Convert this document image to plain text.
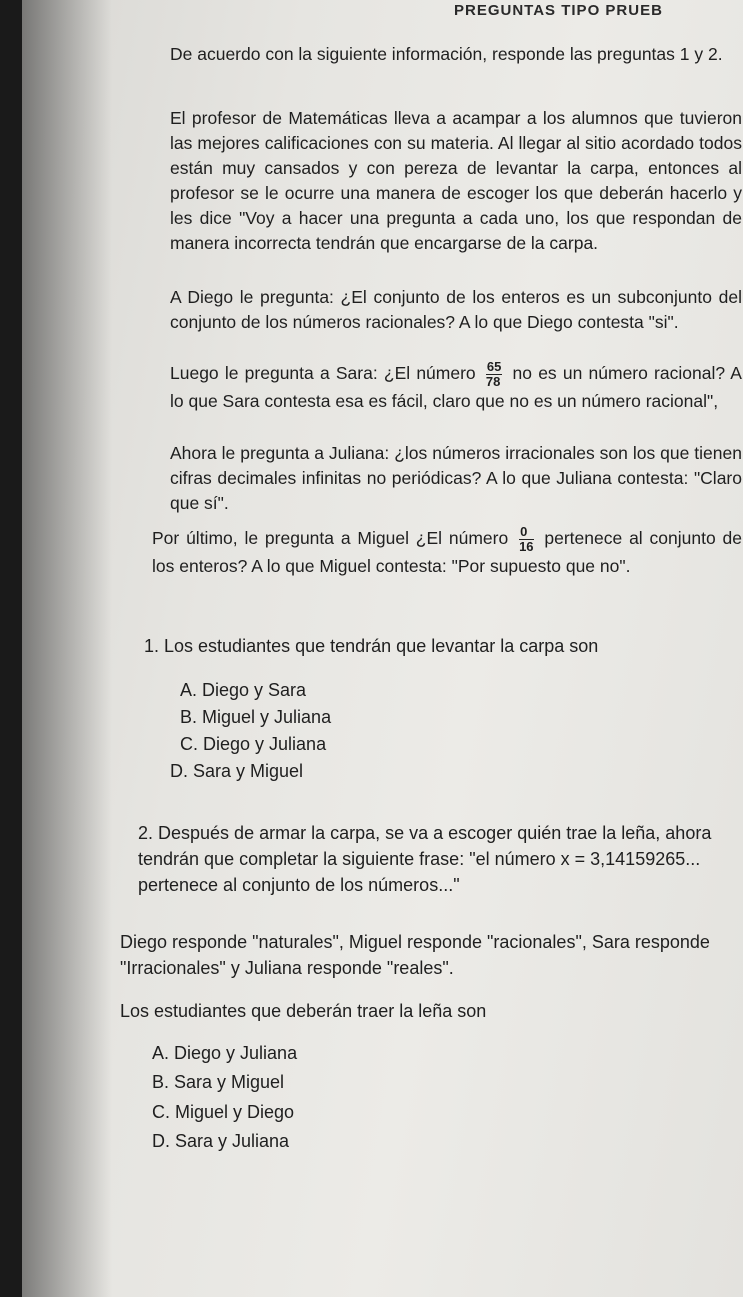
PREGUNTAS TIPO PRUEB

De acuerdo con la siguiente información, responde las preguntas 1 y 2.

El profesor de Matemáticas lleva a acampar a los alumnos que tuvieron las mejores calificaciones con su materia. Al llegar al sitio acordado todos están muy cansados y con pereza de levantar la carpa, entonces al profesor se le ocurre una manera de escoger los que deberán hacerlo y les dice "Voy a hacer una pregunta a cada uno, los que respondan de manera incorrecta tendrán que encargarse de la carpa.

A Diego le pregunta: ¿El conjunto de los enteros es un subconjunto del conjunto de los números racionales? A lo que Diego contesta "si".

Luego le pregunta a Sara: ¿El número $\frac{65}{78}$ no es un número racional? A lo que Sara contesta esa es fácil, claro que no es un número racional",

Ahora le pregunta a Juliana: ¿los números irracionales son los que tienen cifras decimales infinitas no periódicas? A lo que Juliana contesta: "Claro que sí".

Por último, le pregunta a Miguel ¿El número $\frac{0}{16}$ pertenece al conjunto de los enteros? A lo que Miguel contesta: "Por supuesto que no".

1. Los estudiantes que tendrán que levantar la carpa son

A. Diego y Sara
B. Miguel y Juliana
C. Diego y Juliana
D. Sara y Miguel

2. Después de armar la carpa, se va a escoger quién trae la leña, ahora tendrán que completar la siguiente frase: "el número x = 3,14159265... pertenece al conjunto de los números..."

Diego responde "naturales", Miguel responde "racionales", Sara responde "Irracionales" y Juliana responde "reales".

Los estudiantes que deberán traer la leña son

A. Diego y Juliana
B. Sara y Miguel
C. Miguel y Diego
D. Sara y Juliana
